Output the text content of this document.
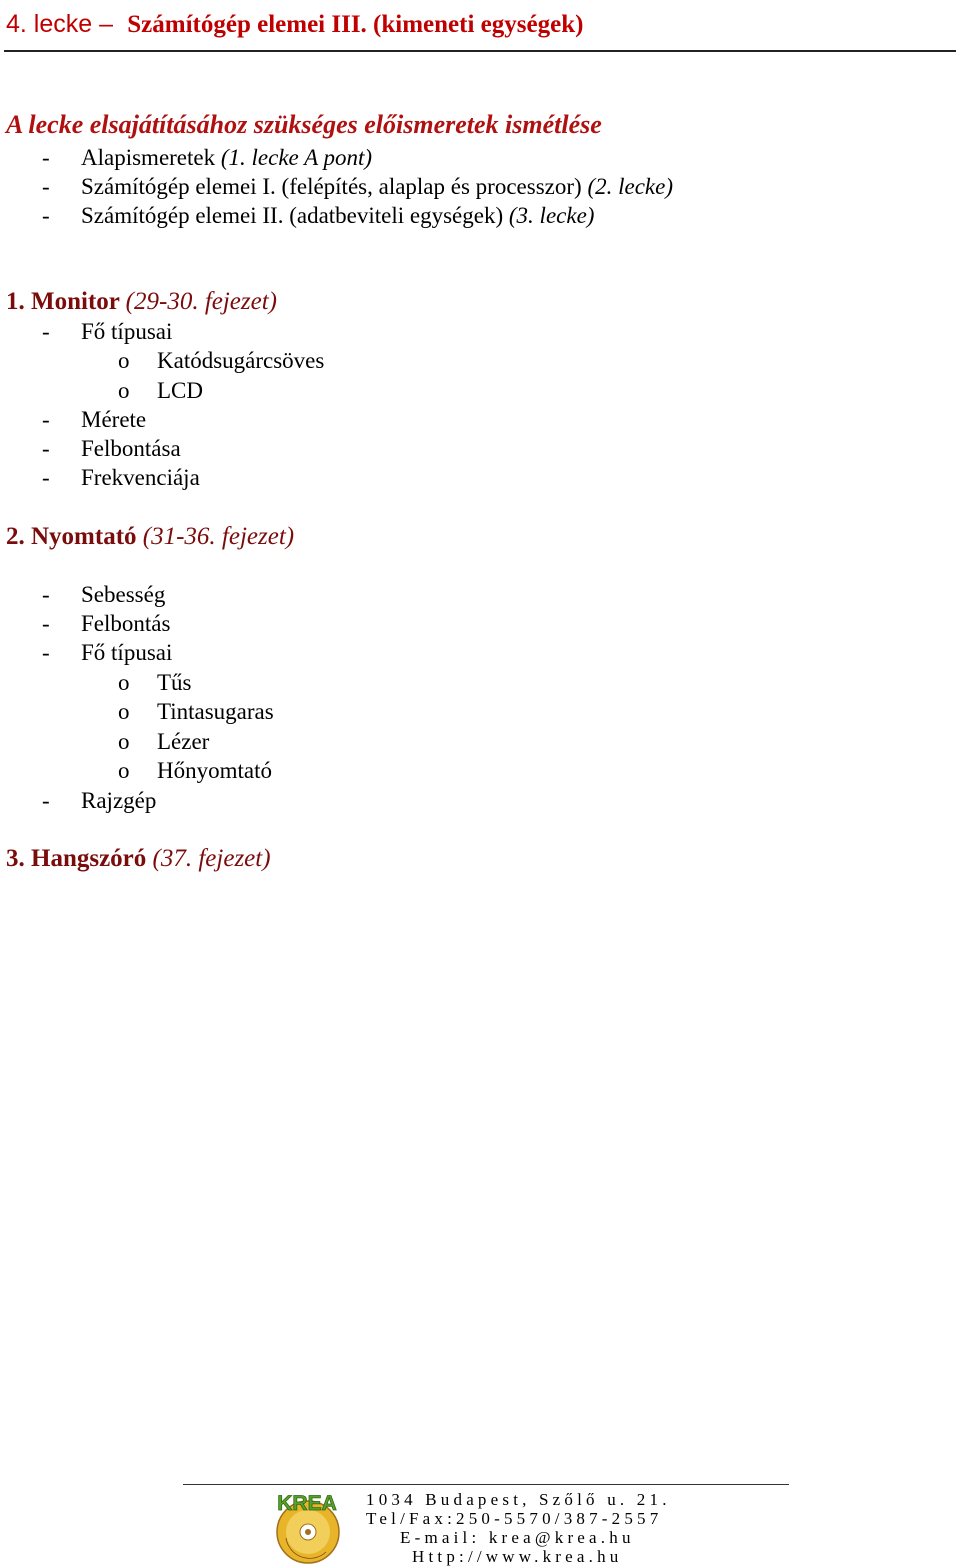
4. lecke – Számítógép elemei III. (kimeneti egységek)
A lecke elsajátításához szükséges előismeretek ismétlése
- Alapismeretek (1. lecke A pont)
- Számítógép elemei I. (felépítés, alaplap és processzor) (2. lecke)
- Számítógép elemei II. (adatbeviteli egységek) (3. lecke)
1. Monitor (29-30. fejezet)
- Fő típusai
o Katódsugárcsöves
o LCD
- Mérete
- Felbontása
- Frekvenciája
2. Nyomtató (31-36. fejezet)
- Sebesség
- Felbontás
- Fő típusai
o Tűs
o Tintasugaras
o Lézer
o Hőnyomtató
- Rajzgép
3. Hangszóró (37. fejezet)
KREA 1034 Budapest, Szőlő u. 21.
Tel/Fax:250-5570/387-2557
E-mail: krea@krea.hu
Http://www.krea.hu
